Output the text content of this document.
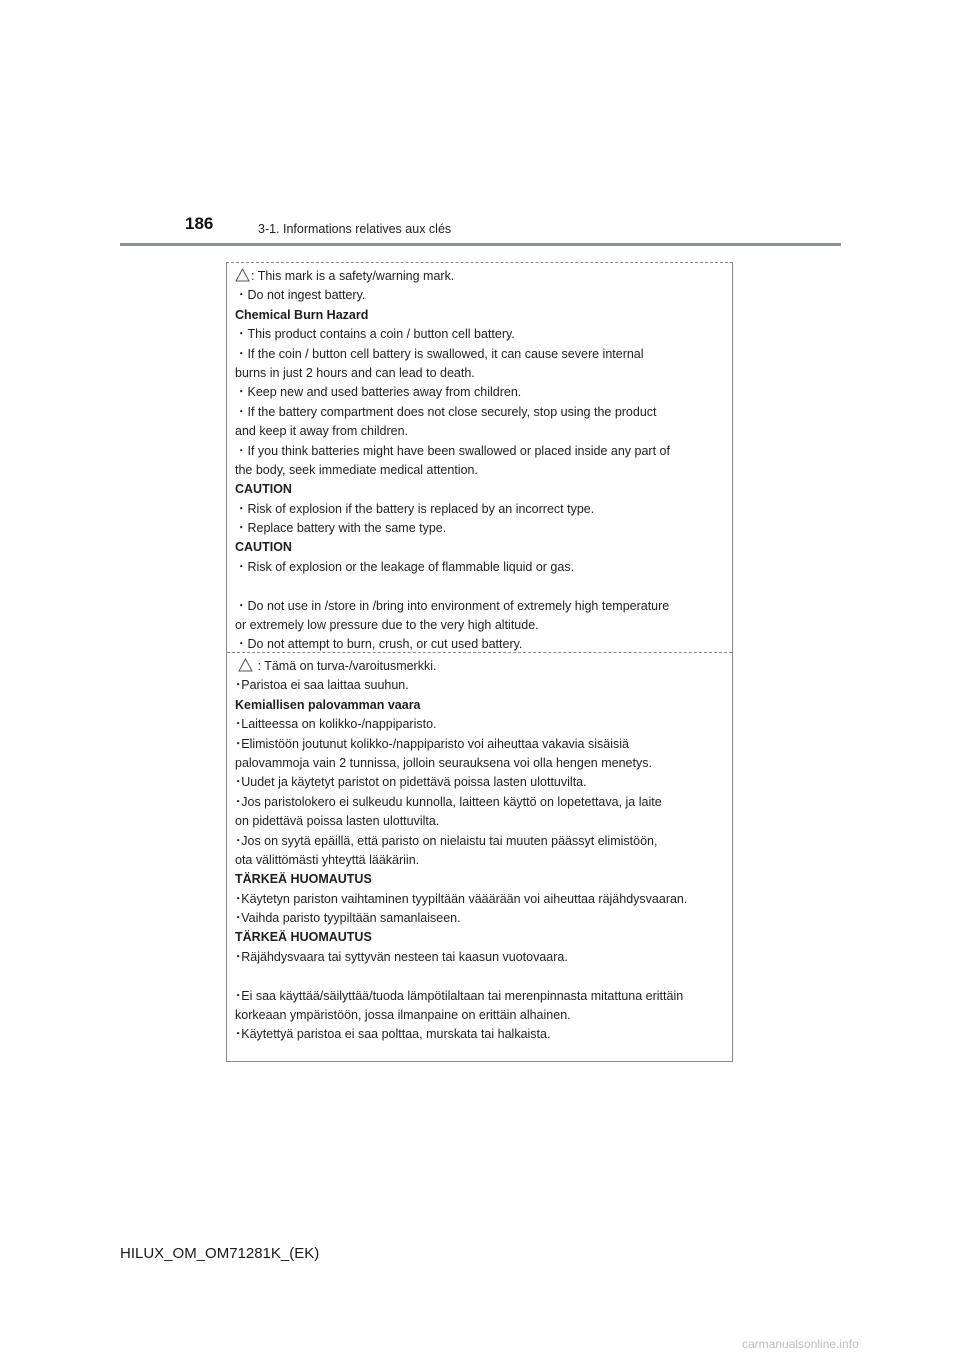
186	3-1. Informations relatives aux clés
: This mark is a safety/warning mark.
・Do not ingest battery.
Chemical Burn Hazard
・This product contains a coin / button cell battery.
・If the coin / button cell battery is swallowed, it can cause severe internal
burns in just 2 hours and can lead to death.
・Keep new and used batteries away from children.
・If the battery compartment does not close securely, stop using the product
and keep it away from children.
・If you think batteries might have been swallowed or placed inside any part of
the body, seek immediate medical attention.
CAUTION
・Risk of explosion if the battery is replaced by an incorrect type.
・Replace battery with the same type.
CAUTION
・Risk of explosion or the leakage of flammable liquid or gas.
・Do not use in /store in /bring into environment of extremely high temperature
or extremely low pressure due to the very high altitude.
・Do not attempt to burn, crush, or cut used battery.
: Tämä on turva-/varoitusmerkki.
･Paristoa ei saa laittaa suuhun.
Kemiallisen palovamman vaara
･Laitteessa on kolikko-/nappiparisto.
･Elimistöön joutunut kolikko-/nappiparisto voi aiheuttaa vakavia sisäisiä
palovammoja vain 2 tunnissa, jolloin seurauksena voi olla hengen menetys.
･Uudet ja käytetyt paristot on pidettävä poissa lasten ulottuvilta.
･Jos paristolokero ei sulkeudu kunnolla, laitteen käyttö on lopetettava, ja laite
on pidettävä poissa lasten ulottuvilta.
･Jos on syytä epäillä, että paristo on nielaistu tai muuten päässyt elimistöön,
ota välittömästi yhteyttä lääkäriin.
TÄRKEÄ HUOMAUTUS
･Käytetyn pariston vaihtaminen tyypiltään vääärään voi aiheuttaa räjähdysvaaran.
･Vaihda paristo tyypiltään samanlaiseen.
TÄRKEÄ HUOMAUTUS
･Räjähdysvaara tai syttyvän nesteen tai kaasun vuotovaara.
･Ei saa käyttää/säilyttää/tuoda lämpötilaltaan tai merenpinnasta mitattuna erittäin
korkeaan ympäristöön, jossa ilmanpaine on erittäin alhainen.
･Käytettyä paristoa ei saa polttaa, murskata tai halkaista.
HILUX_OM_OM71281K_(EK)
carmanualsonline.info
